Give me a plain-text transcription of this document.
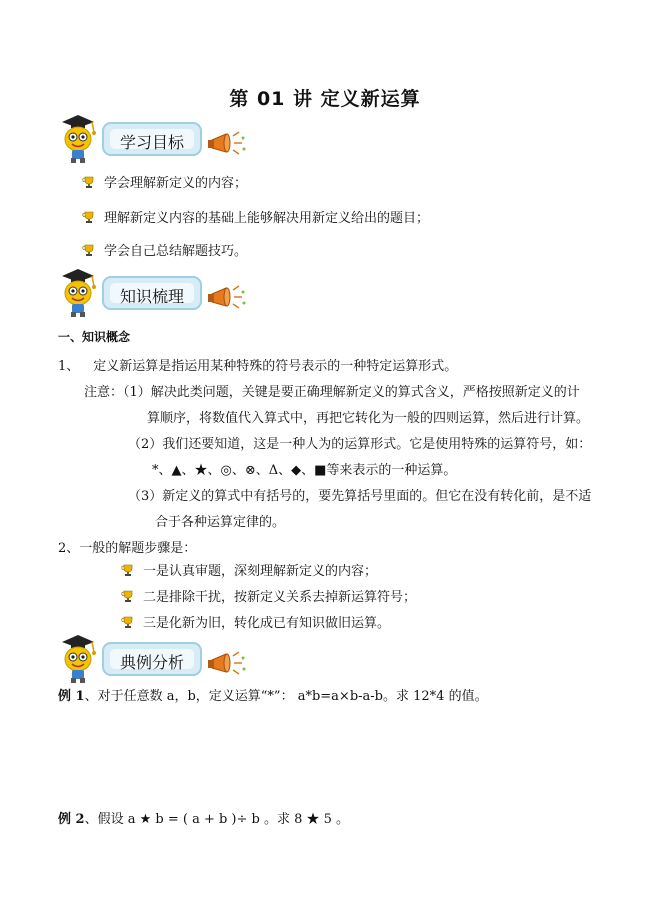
第 01 讲 定义新运算
学习目标
学会理解新定义的内容；
理解新定义内容的基础上能够解决用新定义给出的题目；
学会自己总结解题技巧。
知识梳理
一、知识概念
1、 定义新运算是指运用某种特殊的符号表示的一种特定运算形式。
注意：（1）解决此类问题，关键是要正确理解新定义的算式含义，严格按照新定义的计
算顺序，将数值代入算式中，再把它转化为一般的四则运算，然后进行计算。
（2）我们还要知道，这是一种人为的运算形式。它是使用特殊的运算符号，如：
*、▲、★、◎、⊗、Δ、◆、■等来表示的一种运算。
（3）新定义的算式中有括号的，要先算括号里面的。但它在没有转化前，是不适
合于各种运算定律的。
2、一般的解题步骤是：
一是认真审题，深刻理解新定义的内容；
二是排除干扰，按新定义关系去掉新运算符号；
三是化新为旧，转化成已有知识做旧运算。
典例分析
例 1、对于任意数 a，b，定义运算“*”： a*b=a×b-a-b。求 12*4 的值。
例 2、假设 a ★ b = ( a + b )÷ b 。求 8 ★ 5 。
